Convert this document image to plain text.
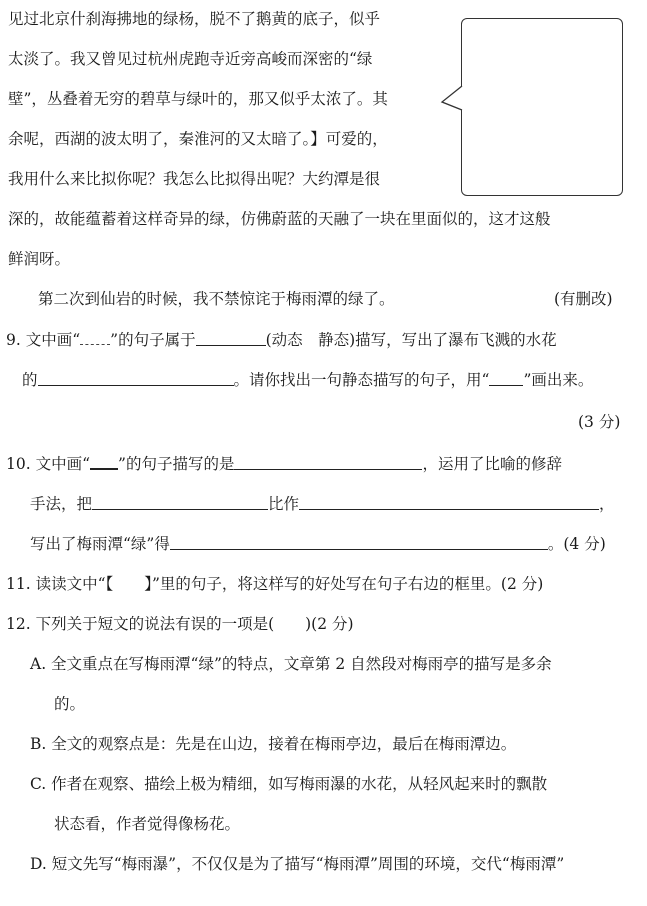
见过北京什刹海拂地的绿杨，脱不了鹅黄的底子，似乎
太淡了。我又曾见过杭州虎跑寺近旁高峻而深密的“绿
壁”，丛叠着无穷的碧草与绿叶的，那又似乎太浓了。其
余呢，西湖的波太明了，秦淮河的又太暗了。】可爱的，
我用什么来比拟你呢？我怎么比拟得出呢？大约潭是很
深的，故能蕴蓄着这样奇异的绿，仿佛蔚蓝的天融了一块在里面似的，这才这般
鲜润呀。
第二次到仙岩的时候，我不禁惊诧于梅雨潭的绿了。	(有删改)
9. 文中画“ ”的句子属于	(动态　静态)描写，写出了瀑布飞溅的水花
的	。请你找出一句静态描写的句子，用“ ”画出来。
(3 分)
10. 文中画“ ”的句子描写的是	，运用了比喻的修辞
手法，把	比作	，
写出了梅雨潭“绿”得	。(4 分)
11. 读读文中“【　　】”里的句子，将这样写的好处写在句子右边的框里。(2 分)
12. 下列关于短文的说法有误的一项是(　　)(2 分)
A. 全文重点在写梅雨潭“绿”的特点，文章第 2 自然段对梅雨亭的描写是多余
的。
B. 全文的观察点是：先是在山边，接着在梅雨亭边，最后在梅雨潭边。
C. 作者在观察、描绘上极为精细，如写梅雨瀑的水花，从轻风起来时的飘散
状态看，作者觉得像杨花。
D. 短文先写“梅雨瀑”，不仅仅是为了描写“梅雨潭”周围的环境，交代“梅雨潭”
